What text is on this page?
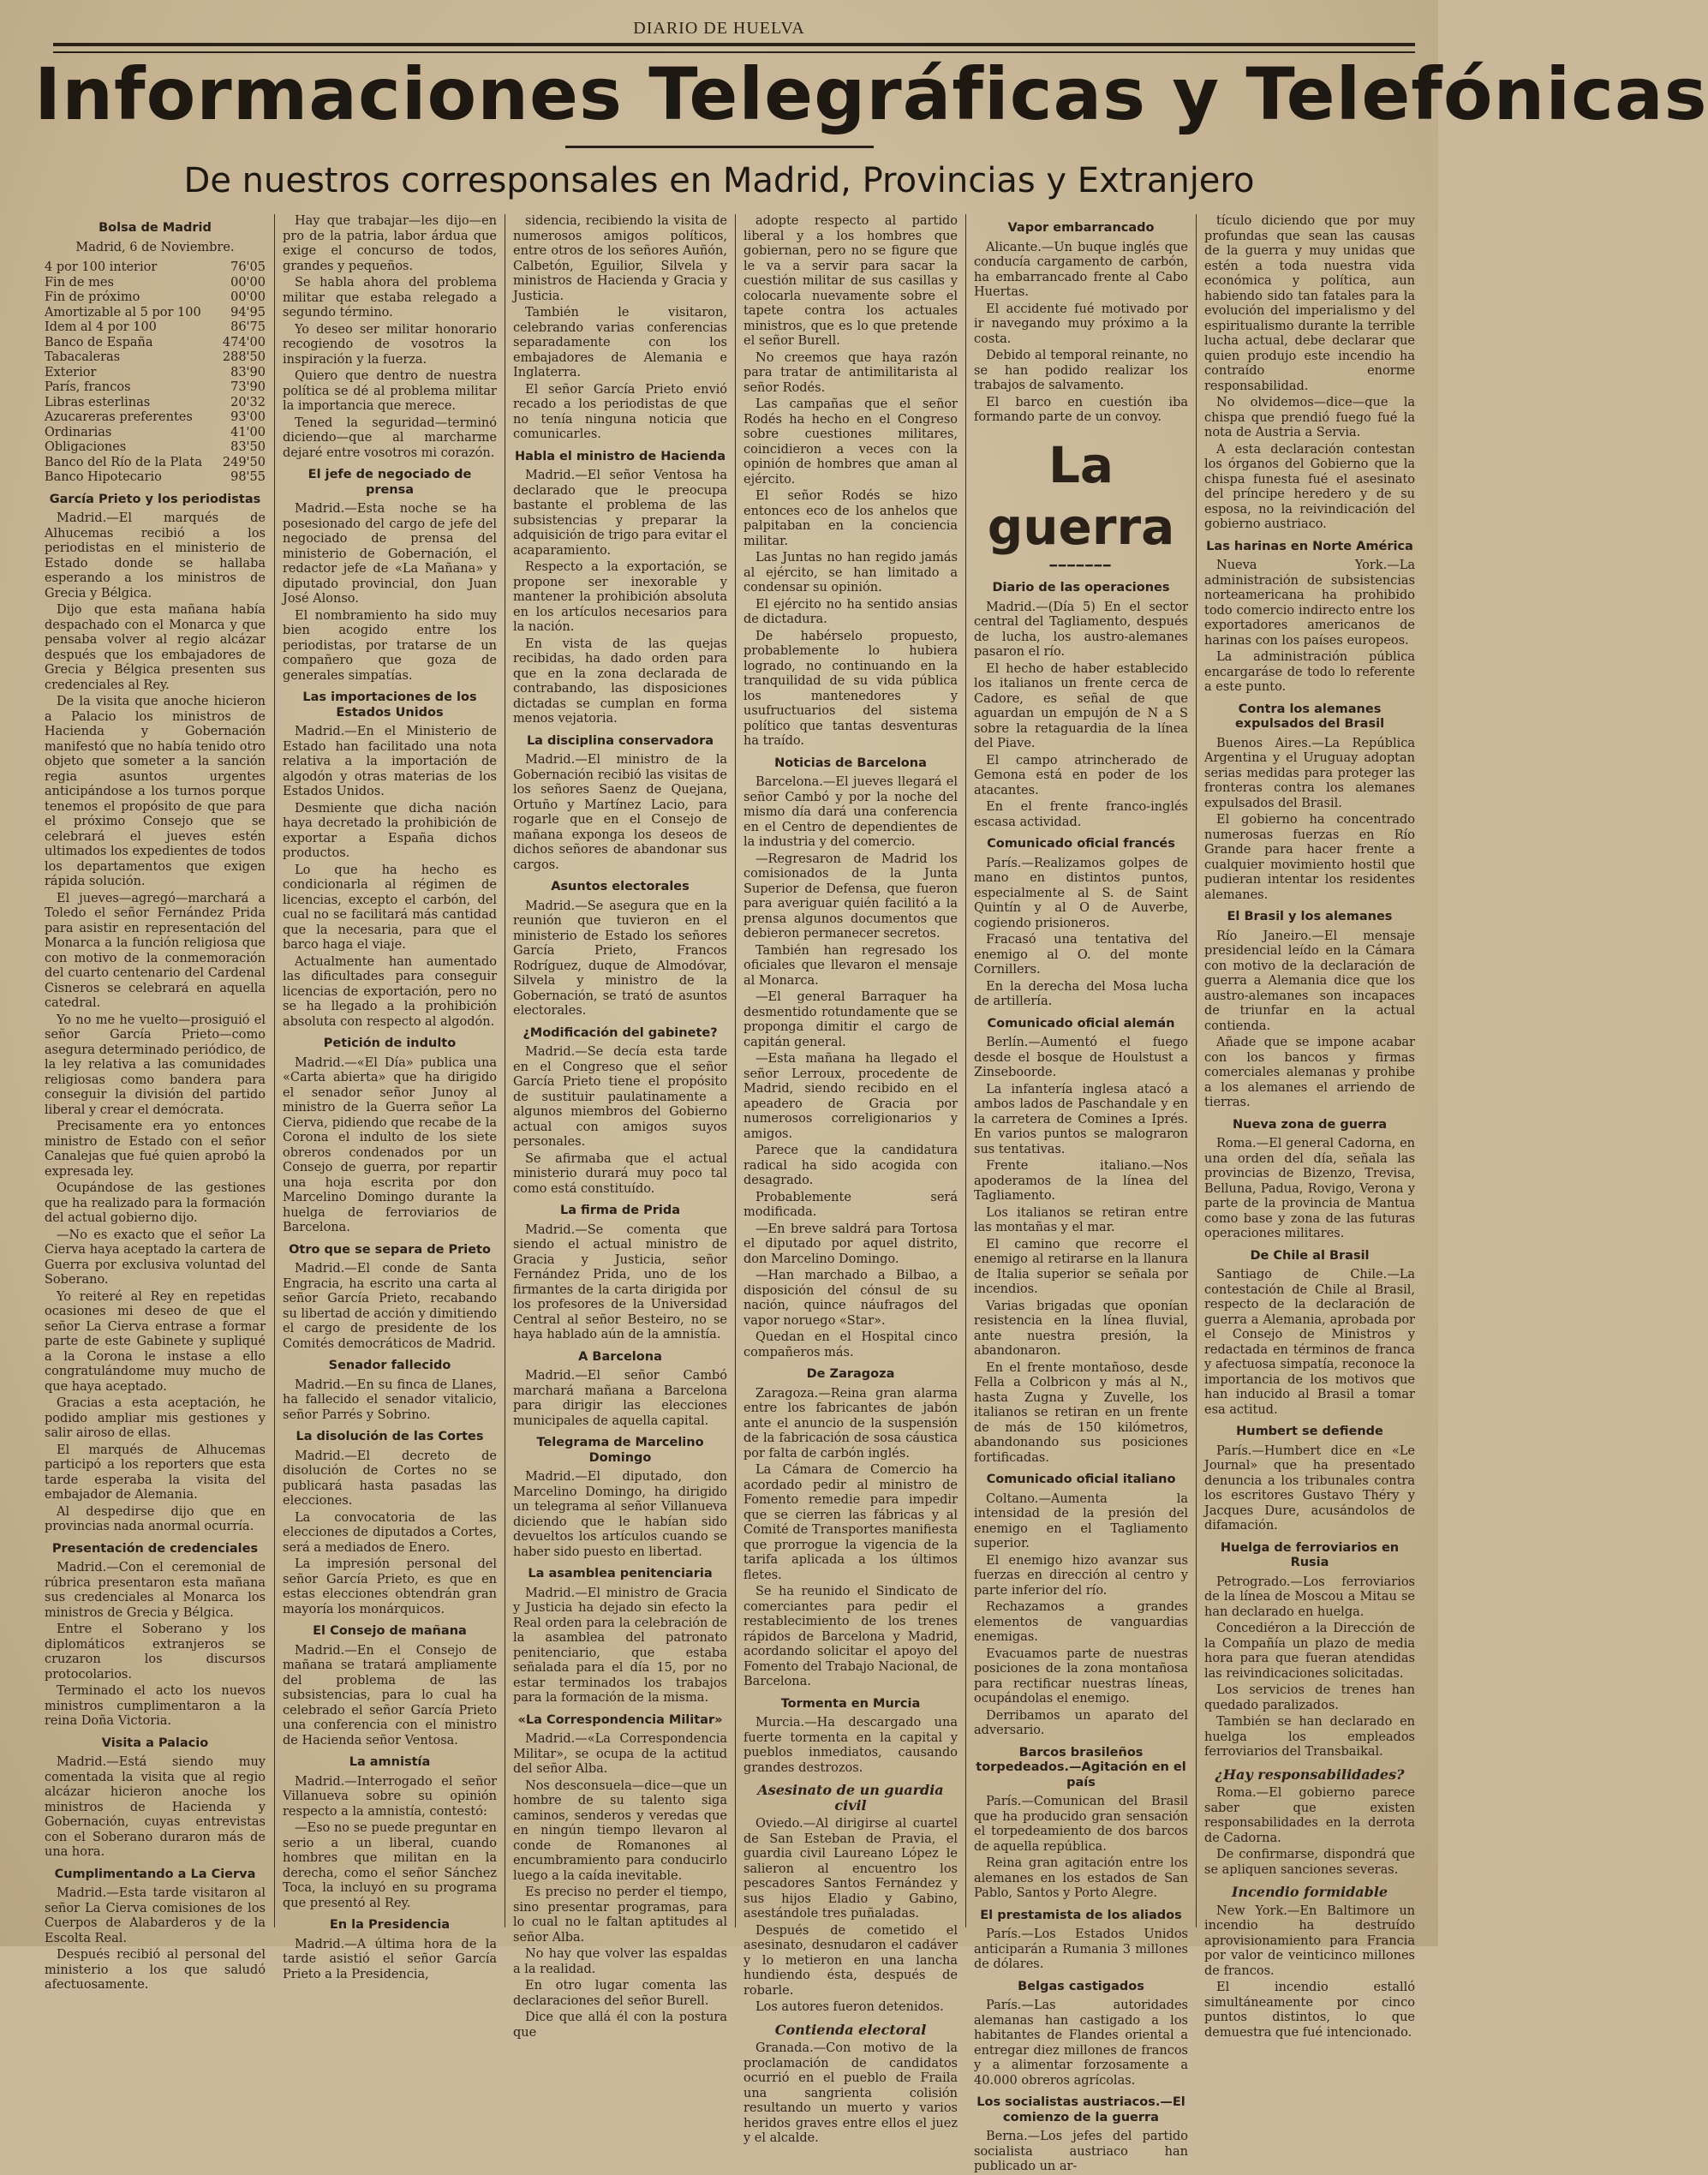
DIARIO DE HUELVA
Informaciones Telegráficas y Telefónicas
De nuestros corresponsales en Madrid, Provincias y Extranjero
Bolsa de Madrid
Madrid, 6 de Noviembre.
4 por 100 interior	76'05
Fin de mes	00'00
Fin de próximo	00'00
Amortizable al 5 por 100	94'95
Idem al 4 por 100	86'75
Banco de España	474'00
Tabacaleras	288'50
Exterior	83'90
París, francos	73'90
Libras esterlinas	20'32
Azucareras preferentes	93'00
Ordinarias	41'00
Obligaciones	83'50
Banco del Río de la Plata	249'50
Banco Hipotecario	98'55
García Prieto y los periodistas

Madrid.—El marqués de Alhucemas recibió a los periodistas en el ministerio de Estado donde se hallaba esperando a los ministros de Grecia y Bélgica.

Dijo que esta mañana había despachado con el Monarca y que pensaba volver al regio alcázar después que los embajadores de Grecia y Bélgica presenten sus credenciales al Rey.

De la visita que anoche hicieron a Palacio los ministros de Hacienda y Gobernación manifestó que no había tenido otro objeto que someter a la sanción regia asuntos urgentes anticipándose a los turnos porque tenemos el propósito de que para el próximo Consejo que se celebrará el jueves estén ultimados los expedientes de todos los departamentos que exigen rápida solución.

El jueves—agregó—marchará a Toledo el señor Fernández Prida para asistir en representación del Monarca a la función religiosa que con motivo de la conmemoración del cuarto centenario del Cardenal Cisneros se celebrará en aquella catedral.

Yo no me he vuelto—prosiguió el señor García Prieto—como asegura determinado periódico, de la ley relativa a las comunidades religiosas como bandera para conseguir la división del partido liberal y crear el demócrata.

Precisamente era yo entonces ministro de Estado con el señor Canalejas que fué quien aprobó la expresada ley.

Ocupándose de las gestiones que ha realizado para la formación del actual gobierno dijo.

—No es exacto que el señor La Cierva haya aceptado la cartera de Guerra por exclusiva voluntad del Soberano.

Yo reiteré al Rey en repetidas ocasiones mi deseo de que el señor La Cierva entrase a formar parte de este Gabinete y supliqué a la Corona le instase a ello congratulándome muy mucho de que haya aceptado.

Gracias a esta aceptación, he podido ampliar mis gestiones y salir airoso de ellas.

El marqués de Alhucemas participó a los reporters que esta tarde esperaba la visita del embajador de Alemania.

Al despedirse dijo que en provincias nada anormal ocurría.

Presentación de credenciales

Madrid.—Con el ceremonial de rúbrica presentaron esta mañana sus credenciales al Monarca los ministros de Grecia y Bélgica.

Entre el Soberano y los diplomáticos extranjeros se cruzaron los discursos protocolarios.

Terminado el acto los nuevos ministros cumplimentaron a la reina Doña Victoria.

Visita a Palacio

Madrid.—Está siendo muy comentada la visita que al regio alcázar hicieron anoche los ministros de Hacienda y Gobernación, cuyas entrevistas con el Soberano duraron más de una hora.

Cumplimentando a La Cierva

Madrid.—Esta tarde visitaron al señor La Cierva comisiones de los Cuerpos de Alabarderos y de la Escolta Real.

Después recibió al personal del ministerio a los que saludó afectuosamente.

Hay que trabajar—les dijo—en pro de la patria, labor árdua que exige el concurso de todos, grandes y pequeños.

Se habla ahora del problema militar que estaba relegado a segundo término.

Yo deseo ser militar honorario recogiendo de vosotros la inspiración y la fuerza.

Quiero que dentro de nuestra política se dé al problema militar la importancia que merece.

Tened la seguridad—terminó diciendo—que al marcharme dejaré entre vosotros mi corazón.

El jefe de negociado de prensa

Madrid.—Esta noche se ha posesionado del cargo de jefe del negociado de prensa del ministerio de Gobernación, el redactor jefe de «La Mañana» y diputado provincial, don Juan José Alonso.

El nombramiento ha sido muy bien acogido entre los periodistas, por tratarse de un compañero que goza de generales simpatías.

Las importaciones de los Estados Unidos

Madrid.—En el Ministerio de Estado han facilitado una nota relativa a la importación de algodón y otras materias de los Estados Unidos.

Desmiente que dicha nación haya decretado la prohibición de exportar a España dichos productos.

Lo que ha hecho es condicionarla al régimen de licencias, excepto el carbón, del cual no se facilitará más cantidad que la necesaria, para que el barco haga el viaje.

Actualmente han aumentado las dificultades para conseguir licencias de exportación, pero no se ha llegado a la prohibición absoluta con respecto al algodón.

Petición de indulto

Madrid.—«El Día» publica una «Carta abierta» que ha dirigido el senador señor Junoy al ministro de la Guerra señor La Cierva, pidiendo que recabe de la Corona el indulto de los siete obreros condenados por un Consejo de guerra, por repartir una hoja escrita por don Marcelino Domingo durante la huelga de ferroviarios de Barcelona.

Otro que se separa de Prieto

Madrid.—El conde de Santa Engracia, ha escrito una carta al señor García Prieto, recabando su libertad de acción y dimitiendo el cargo de presidente de los Comités democráticos de Madrid.

Senador fallecido

Madrid.—En su finca de Llanes, ha fallecido el senador vitalicio, señor Parrés y Sobrino.

La disolución de las Cortes

Madrid.—El decreto de disolución de Cortes no se publicará hasta pasadas las elecciones.

La convocatoria de las elecciones de diputados a Cortes, será a mediados de Enero.

La impresión personal del señor García Prieto, es que en estas elecciones obtendrán gran mayoría los monárquicos.

El Consejo de mañana

Madrid.—En el Consejo de mañana se tratará ampliamente del problema de las subsistencias, para lo cual ha celebrado el señor García Prieto una conferencia con el ministro de Hacienda señor Ventosa.

La amnistía

Madrid.—Interrogado el señor Villanueva sobre su opinión respecto a la amnistía, contestó:

—Eso no se puede preguntar en serio a un liberal, cuando hombres que militan en la derecha, como el señor Sánchez Toca, la incluyó en su programa que presentó al Rey.

En la Presidencia

Madrid.—A última hora de la tarde asistió el señor García Prieto a la Presidencia,

sidencia, recibiendo la visita de numerosos amigos políticos, entre otros de los señores Auñón, Calbetón, Eguilior, Silvela y ministros de Hacienda y Gracia y Justicia.

También le visitaron, celebrando varias conferencias separadamente con los embajadores de Alemania e Inglaterra.

El señor García Prieto envió recado a los periodistas de que no tenía ninguna noticia que comunicarles.

Habla el ministro de Hacienda

Madrid.—El señor Ventosa ha declarado que le preocupa bastante el problema de las subsistencias y preparar la adquisición de trigo para evitar el acaparamiento.

Respecto a la exportación, se propone ser inexorable y mantener la prohibición absoluta en los artículos necesarios para la nación.

En vista de las quejas recibidas, ha dado orden para que en la zona declarada de contrabando, las disposiciones dictadas se cumplan en forma menos vejatoria.

La disciplina conservadora

Madrid.—El ministro de la Gobernación recibió las visitas de los señores Saenz de Quejana, Ortuño y Martínez Lacio, para rogarle que en el Consejo de mañana exponga los deseos de dichos señores de abandonar sus cargos.

Asuntos electorales

Madrid.—Se asegura que en la reunión que tuvieron en el ministerio de Estado los señores García Prieto, Francos Rodríguez, duque de Almodóvar, Silvela y ministro de la Gobernación, se trató de asuntos electorales.

¿Modificación del gabinete?

Madrid.—Se decía esta tarde en el Congreso que el señor García Prieto tiene el propósito de sustituir paulatinamente a algunos miembros del Gobierno actual con amigos suyos personales.

Se afirmaba que el actual ministerio durará muy poco tal como está constituído.

La firma de Prida

Madrid.—Se comenta que siendo el actual ministro de Gracia y Justicia, señor Fernández Prida, uno de los firmantes de la carta dirigida por los profesores de la Universidad Central al señor Besteiro, no se haya hablado aún de la amnistía.

A Barcelona

Madrid.—El señor Cambó marchará mañana a Barcelona para dirigir las elecciones municipales de aquella capital.

Telegrama de Marcelino Domingo

Madrid.—El diputado, don Marcelino Domingo, ha dirigido un telegrama al señor Villanueva diciendo que le habían sido devueltos los artículos cuando se haber sido puesto en libertad.

La asamblea penitenciaria

Madrid.—El ministro de Gracia y Justicia ha dejado sin efecto la Real orden para la celebración de la asamblea del patronato penitenciario, que estaba señalada para el día 15, por no estar terminados los trabajos para la formación de la misma.

«La Correspondencia Militar»

Madrid.—«La Correspondencia Militar», se ocupa de la actitud del señor Alba.

Nos desconsuela—dice—que un hombre de su talento siga caminos, senderos y veredas que en ningún tiempo llevaron al conde de Romanones al encumbramiento para conducirlo luego a la caída inevitable.

Es preciso no perder el tiempo, sino presentar programas, para lo cual no le faltan aptitudes al señor Alba.

No hay que volver las espaldas a la realidad.

En otro lugar comenta las declaraciones del señor Burell.

Dice que allá él con la postura que

adopte respecto al partido liberal y a los hombres que gobiernan, pero no se figure que le va a servir para sacar la cuestión militar de sus casillas y colocarla nuevamente sobre el tapete contra los actuales ministros, que es lo que pretende el señor Burell.

No creemos que haya razón para tratar de antimilitarista al señor Rodés.

Las campañas que el señor Rodés ha hecho en el Congreso sobre cuestiones militares, coincidieron a veces con la opinión de hombres que aman al ejército.

El señor Rodés se hizo entonces eco de los anhelos que palpitaban en la conciencia militar.

Las Juntas no han regido jamás al ejército, se han limitado a condensar su opinión.

El ejército no ha sentido ansias de dictadura.

De habérselo propuesto, probablemente lo hubiera logrado, no continuando en la tranquilidad de su vida pública los mantenedores y usufructuarios del sistema político que tantas desventuras ha traído.

Noticias de Barcelona

Barcelona.—El jueves llegará el señor Cambó y por la noche del mismo día dará una conferencia en el Centro de dependientes de la industria y del comercio.

—Regresaron de Madrid los comisionados de la Junta Superior de Defensa, que fueron para averiguar quién facilitó a la prensa algunos documentos que debieron permanecer secretos.

También han regresado los oficiales que llevaron el mensaje al Monarca.

—El general Barraquer ha desmentido rotundamente que se proponga dimitir el cargo de capitán general.

—Esta mañana ha llegado el señor Lerroux, procedente de Madrid, siendo recibido en el apeadero de Gracia por numerosos correligionarios y amigos.

Parece que la candidatura radical ha sido acogida con desagrado.

Probablemente será modificada.

—En breve saldrá para Tortosa el diputado por aquel distrito, don Marcelino Domingo.

—Han marchado a Bilbao, a disposición del cónsul de su nación, quince náufragos del vapor noruego «Star».

Quedan en el Hospital cinco compañeros más.

De Zaragoza

Zaragoza.—Reina gran alarma entre los fabricantes de jabón ante el anuncio de la suspensión de la fabricación de sosa cáustica por falta de carbón inglés.

La Cámara de Comercio ha acordado pedir al ministro de Fomento remedie para impedir que se cierren las fábricas y al Comité de Transportes manifiesta que prorrogue la vigencia de la tarifa aplicada a los últimos fletes.

Se ha reunido el Sindicato de comerciantes para pedir el restablecimiento de los trenes rápidos de Barcelona y Madrid, acordando solicitar el apoyo del Fomento del Trabajo Nacional, de Barcelona.

Tormenta en Murcia

Murcia.—Ha descargado una fuerte tormenta en la capital y pueblos inmediatos, causando grandes destrozos.

Asesinato de un guardia civil

Oviedo.—Al dirigirse al cuartel de San Esteban de Pravia, el guardia civil Laureano López le salieron al encuentro los pescadores Santos Fernández y sus hijos Eladio y Gabino, asestándole tres puñaladas.

Después de cometido el asesinato, desnudaron el cadáver y lo metieron en una lancha hundiendo ésta, después de robarle.

Los autores fueron detenidos.

Contienda electoral

Granada.—Con motivo de la proclamación de candidatos ocurrió en el pueblo de Fraila una sangrienta colisión resultando un muerto y varios heridos graves entre ellos el juez y el alcalde.

Vapor embarrancado

Alicante.—Un buque inglés que conducía cargamento de carbón, ha embarrancado frente al Cabo Huertas.

El accidente fué motivado por ir navegando muy próximo a la costa.

Debido al temporal reinante, no se han podido realizar los trabajos de salvamento.

El barco en cuestión iba formando parte de un convoy.

La guerra
━━━━━━━
Diario de las operaciones

Madrid.—(Día 5) En el sector central del Tagliamento, después de lucha, los austro-alemanes pasaron el río.

El hecho de haber establecido los italianos un frente cerca de Cadore, es señal de que aguardan un empujón de N a S sobre la retaguardia de la línea del Piave.

El campo atrincherado de Gemona está en poder de los atacantes.

En el frente franco-inglés escasa actividad.

Comunicado oficial francés

París.—Realizamos golpes de mano en distintos puntos, especialmente al S. de Saint Quintín y al O de Auverbe, cogiendo prisioneros.

Fracasó una tentativa del enemigo al O. del monte Cornillers.

En la derecha del Mosa lucha de artillería.

Comunicado oficial alemán

Berlín.—Aumentó el fuego desde el bosque de Houlstust a Zinseboorde.

La infantería inglesa atacó a ambos lados de Paschandale y en la carretera de Comines a Iprés. En varios puntos se malograron sus tentativas.

Frente italiano.—Nos apoderamos de la línea del Tagliamento.

Los italianos se retiran entre las montañas y el mar.

El camino que recorre el enemigo al retirarse en la llanura de Italia superior se señala por incendios.

Varias brigadas que oponían resistencia en la línea fluvial, ante nuestra presión, la abandonaron.

En el frente montañoso, desde Fella a Colbricon y más al N., hasta Zugna y Zuvelle, los italianos se retiran en un frente de más de 150 kilómetros, abandonando sus posiciones fortificadas.

Comunicado oficial italiano

Coltano.—Aumenta la intensidad de la presión del enemigo en el Tagliamento superior.

El enemigo hizo avanzar sus fuerzas en dirección al centro y parte inferior del río.

Rechazamos a grandes elementos de vanguardias enemigas.

Evacuamos parte de nuestras posiciones de la zona montañosa para rectificar nuestras líneas, ocupándolas el enemigo.

Derribamos un aparato del adversario.

Barcos brasileños torpedeados.—Agitación en el país

París.—Comunican del Brasil que ha producido gran sensación el torpedeamiento de dos barcos de aquella república.

Reina gran agitación entre los alemanes en los estados de San Pablo, Santos y Porto Alegre.

El prestamista de los aliados

París.—Los Estados Unidos anticiparán a Rumania 3 millones de dólares.

Belgas castigados

París.—Las autoridades alemanas han castigado a los habitantes de Flandes oriental a entregar diez millones de francos y a alimentar forzosamente a 40.000 obreros agrícolas.

Los socialistas austriacos.—El comienzo de la guerra

Berna.—Los jefes del partido socialista austriaco han publicado un ar-

tículo diciendo que por muy profundas que sean las causas de la guerra y muy unidas que estén a toda nuestra vida económica y política, aun habiendo sido tan fatales para la evolución del imperialismo y del espiritualismo durante la terrible lucha actual, debe declarar que quien produjo este incendio ha contraído enorme responsabilidad.

No olvidemos—dice—que la chispa que prendió fuego fué la nota de Austria a Servia.

A esta declaración contestan los órganos del Gobierno que la chispa funesta fué el asesinato del príncipe heredero y de su esposa, no la reivindicación del gobierno austriaco.

Las harinas en Norte América

Nueva York.—La administración de subsistencias norteamericana ha prohibido todo comercio indirecto entre los exportadores americanos de harinas con los países europeos.

La administración pública encargaráse de todo lo referente a este punto.

Contra los alemanes expulsados del Brasil

Buenos Aires.—La República Argentina y el Uruguay adoptan serias medidas para proteger las fronteras contra los alemanes expulsados del Brasil.

El gobierno ha concentrado numerosas fuerzas en Río Grande para hacer frente a cualquier movimiento hostil que pudieran intentar los residentes alemanes.

El Brasil y los alemanes

Río Janeiro.—El mensaje presidencial leído en la Cámara con motivo de la declaración de guerra a Alemania dice que los austro-alemanes son incapaces de triunfar en la actual contienda.

Añade que se impone acabar con los bancos y firmas comerciales alemanas y prohibe a los alemanes el arriendo de tierras.

Nueva zona de guerra

Roma.—El general Cadorna, en una orden del día, señala las provincias de Bizenzo, Trevisa, Belluna, Padua, Rovigo, Verona y parte de la provincia de Mantua como base y zona de las futuras operaciones militares.

De Chile al Brasil

Santiago de Chile.—La contestación de Chile al Brasil, respecto de la declaración de guerra a Alemania, aprobada por el Consejo de Ministros y redactada en términos de franca y afectuosa simpatía, reconoce la importancia de los motivos que han inducido al Brasil a tomar esa actitud.

Humbert se defiende

París.—Humbert dice en «Le Journal» que ha presentado denuncia a los tribunales contra los escritores Gustavo Théry y Jacques Dure, acusándolos de difamación.

Huelga de ferroviarios en Rusia

Petrogrado.—Los ferroviarios de la línea de Moscou a Mitau se han declarado en huelga.

Concediéron a la Dirección de la Compañía un plazo de media hora para que fueran atendidas las reivindicaciones solicitadas.

Los servicios de trenes han quedado paralizados.

También se han declarado en huelga los empleados ferroviarios del Transbaikal.

¿Hay responsabilidades?

Roma.—El gobierno parece saber que existen responsabilidades en la derrota de Cadorna.

De confirmarse, dispondrá que se apliquen sanciones severas.

Incendio formidable

New York.—En Baltimore un incendio ha destruído aprovisionamiento para Francia por valor de veinticinco millones de francos.

El incendio estalló simultáneamente por cinco puntos distintos, lo que demuestra que fué intencionado.
